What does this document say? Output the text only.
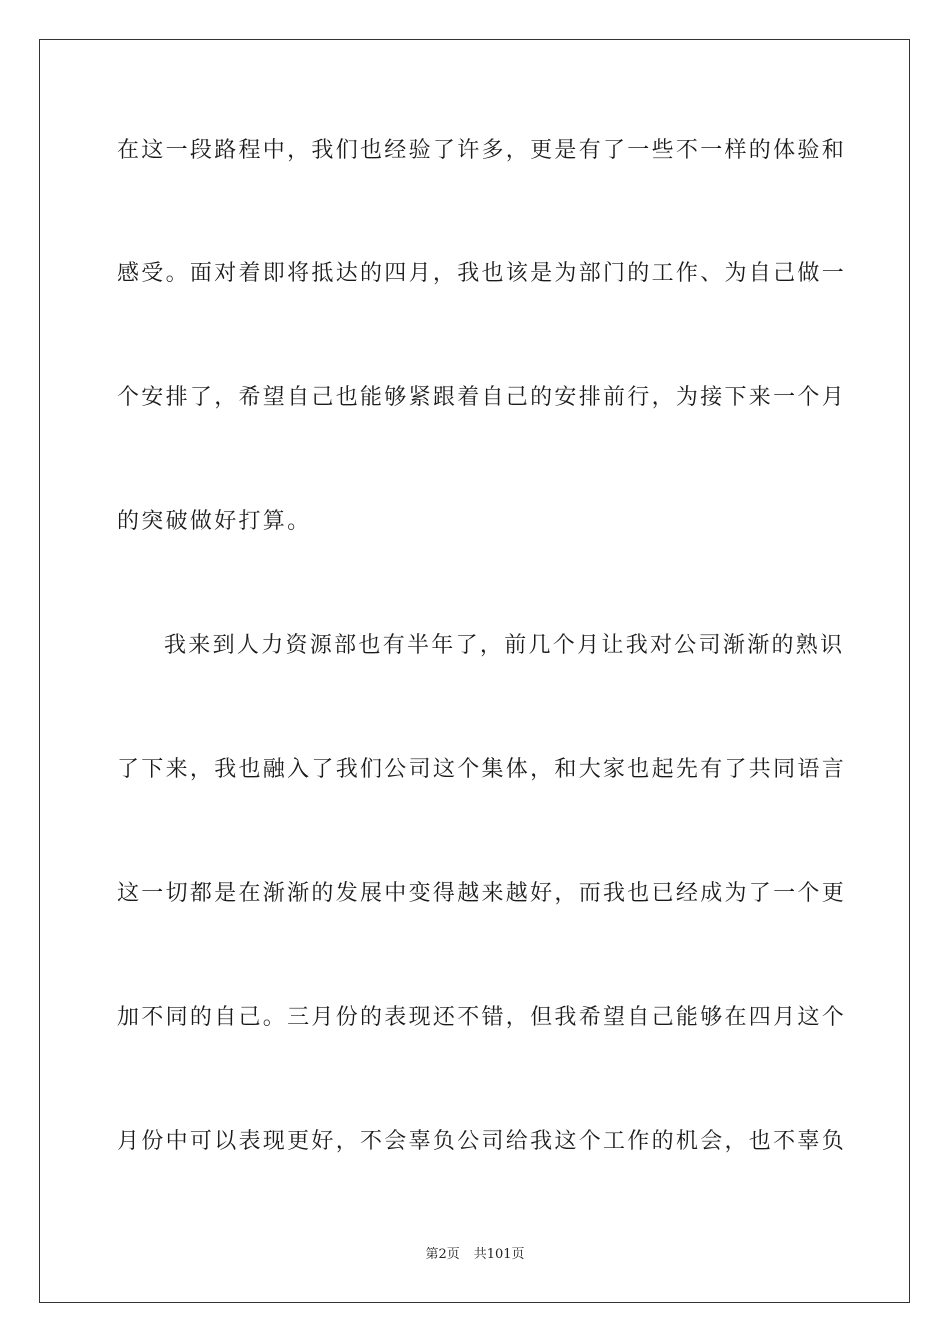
在这一段路程中，我们也经验了许多，更是有了一些不一样的体验和
感受。面对着即将抵达的四月，我也该是为部门的工作、为自己做一
个安排了，希望自己也能够紧跟着自己的安排前行，为接下来一个月
的突破做好打算。
我来到人力资源部也有半年了，前几个月让我对公司渐渐的熟识
了下来，我也融入了我们公司这个集体，和大家也起先有了共同语言
这一切都是在渐渐的发展中变得越来越好，而我也已经成为了一个更
加不同的自己。三月份的表现还不错，但我希望自己能够在四月这个
月份中可以表现更好，不会辜负公司给我这个工作的机会，也不辜负
第2页 共101页
